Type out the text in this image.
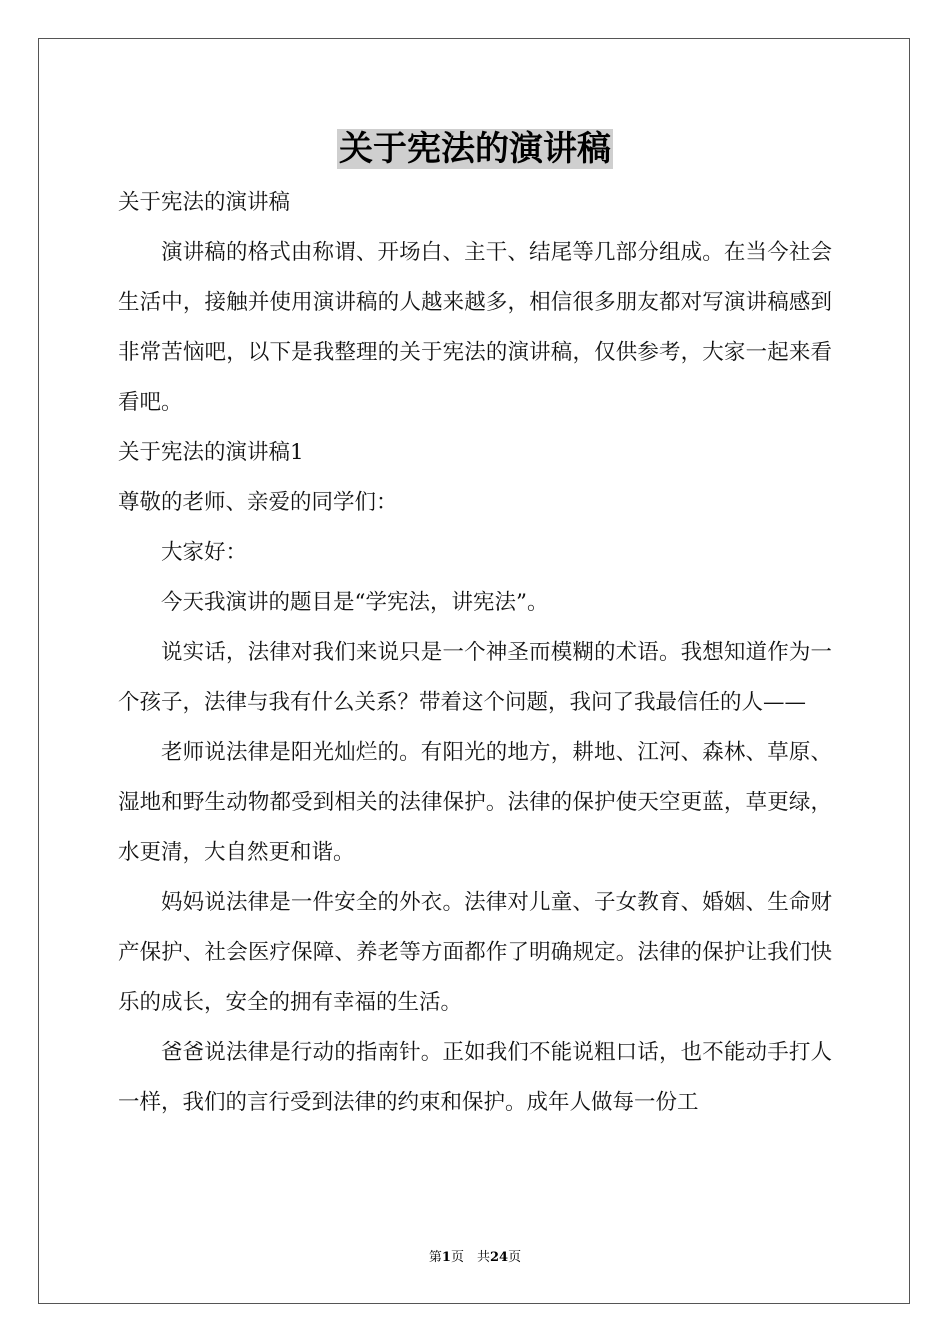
关于宪法的演讲稿

关于宪法的演讲稿

演讲稿的格式由称谓、开场白、主干、结尾等几部分组成。在当今社会生活中，接触并使用演讲稿的人越来越多，相信很多朋友都对写演讲稿感到非常苦恼吧，以下是我整理的关于宪法的演讲稿，仅供参考，大家一起来看看吧。

关于宪法的演讲稿1

尊敬的老师、亲爱的同学们：

大家好：

今天我演讲的题目是“学宪法，讲宪法”。

说实话，法律对我们来说只是一个神圣而模糊的术语。我想知道作为一个孩子，法律与我有什么关系？带着这个问题，我问了我最信任的人——

老师说法律是阳光灿烂的。有阳光的地方，耕地、江河、森林、草原、湿地和野生动物都受到相关的法律保护。法律的保护使天空更蓝，草更绿，水更清，大自然更和谐。

妈妈说法律是一件安全的外衣。法律对儿童、子女教育、婚姻、生命财产保护、社会医疗保障、养老等方面都作了明确规定。法律的保护让我们快乐的成长，安全的拥有幸福的生活。

爸爸说法律是行动的指南针。正如我们不能说粗口话，也不能动手打人一样，我们的言行受到法律的约束和保护。成年人做每一份工

第1页　共24页
